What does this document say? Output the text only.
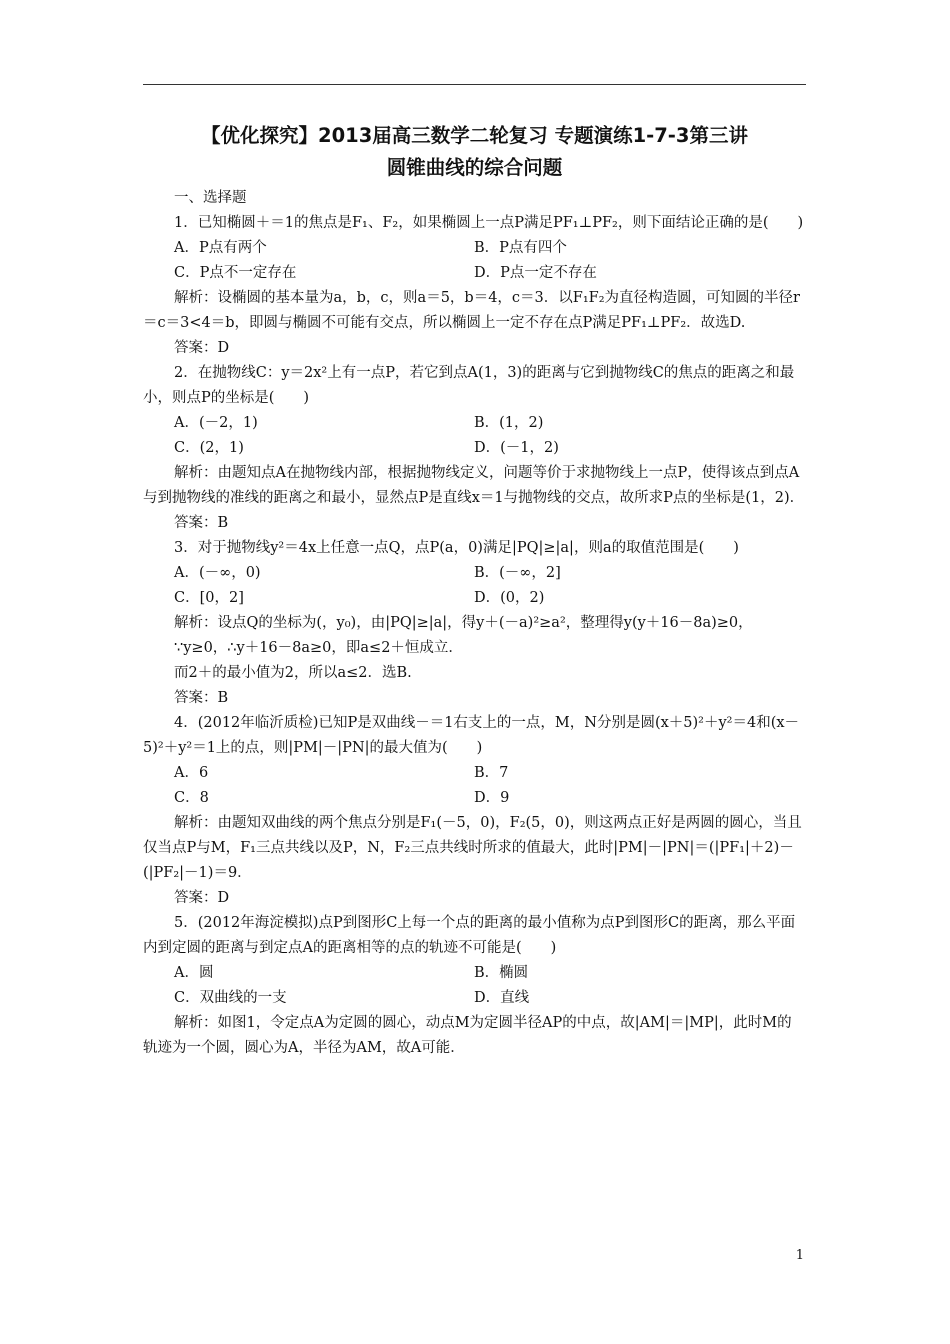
【优化探究】2013届高三数学二轮复习 专题演练1-7-3第三讲
圆锥曲线的综合问题

一、选择题

1．已知椭圆＋＝1的焦点是F₁、F₂，如果椭圆上一点P满足PF₁⊥PF₂，则下面结论正确的是(　　)

A．P点有两个	B．P点有四个
C．P点不一定存在	D．P点一定不存在

解析：设椭圆的基本量为a，b，c，则a＝5，b＝4，c＝3．以F₁F₂为直径构造圆，可知圆的半径r＝c＝3<4＝b，即圆与椭圆不可能有交点，所以椭圆上一定不存在点P满足PF₁⊥PF₂．故选D.

答案：D

2．在抛物线C：y＝2x²上有一点P，若它到点A(1，3)的距离与它到抛物线C的焦点的距离之和最小，则点P的坐标是(　　)

A．(－2，1)	B．(1，2)
C．(2，1)	D．(－1，2)

解析：由题知点A在抛物线内部，根据抛物线定义，问题等价于求抛物线上一点P，使得该点到点A与到抛物线的准线的距离之和最小，显然点P是直线x＝1与抛物线的交点，故所求P点的坐标是(1，2)．

答案：B

3．对于抛物线y²＝4x上任意一点Q，点P(a，0)满足|PQ|≥|a|，则a的取值范围是(　　)

A．(－∞，0)	B．(－∞，2]
C．[0，2]	D．(0，2)

解析：设点Q的坐标为(，y₀)，由|PQ|≥|a|，得y＋(－a)²≥a²，整理得y(y＋16－8a)≥0，

∵y≥0，∴y＋16－8a≥0，即a≤2＋恒成立．

而2＋的最小值为2，所以a≤2．选B.

答案：B

4．(2012年临沂质检)已知P是双曲线－＝1右支上的一点，M，N分别是圆(x＋5)²＋y²＝4和(x－5)²＋y²＝1上的点，则|PM|－|PN|的最大值为(　　)

A．6	B．7
C．8	D．9

解析：由题知双曲线的两个焦点分别是F₁(－5，0)，F₂(5，0)，则这两点正好是两圆的圆心，当且仅当点P与M，F₁三点共线以及P，N，F₂三点共线时所求的值最大，此时|PM|－|PN|＝(|PF₁|＋2)－(|PF₂|－1)＝9．

答案：D

5．(2012年海淀模拟)点P到图形C上每一个点的距离的最小值称为点P到图形C的距离，那么平面内到定圆的距离与到定点A的距离相等的点的轨迹不可能是(　　)

A．圆	B．椭圆
C．双曲线的一支	D．直线

解析：如图1，令定点A为定圆的圆心，动点M为定圆半径AP的中点，故|AM|＝|MP|，此时M的轨迹为一个圆，圆心为A，半径为AM，故A可能．

1
